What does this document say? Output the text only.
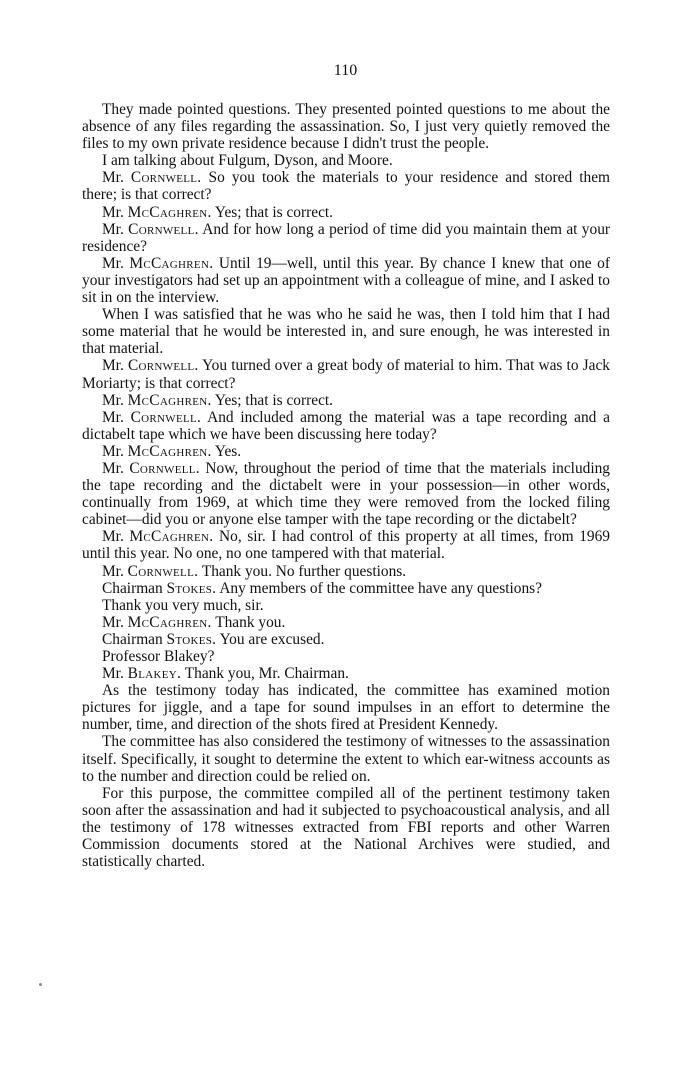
110

They made pointed questions. They presented pointed questions to me about the absence of any files regarding the assassination. So, I just very quietly removed the files to my own private residence because I didn't trust the people.

I am talking about Fulgum, Dyson, and Moore.

Mr. Cornwell. So you took the materials to your residence and stored them there; is that correct?

Mr. McCaghren. Yes; that is correct.

Mr. Cornwell. And for how long a period of time did you maintain them at your residence?

Mr. McCaghren. Until 19—well, until this year. By chance I knew that one of your investigators had set up an appointment with a colleague of mine, and I asked to sit in on the interview.

When I was satisfied that he was who he said he was, then I told him that I had some material that he would be interested in, and sure enough, he was interested in that material.

Mr. Cornwell. You turned over a great body of material to him. That was to Jack Moriarty; is that correct?

Mr. McCaghren. Yes; that is correct.

Mr. Cornwell. And included among the material was a tape recording and a dictabelt tape which we have been discussing here today?

Mr. McCaghren. Yes.

Mr. Cornwell. Now, throughout the period of time that the materials including the tape recording and the dictabelt were in your possession—in other words, continually from 1969, at which time they were removed from the locked filing cabinet—did you or anyone else tamper with the tape recording or the dictabelt?

Mr. McCaghren. No, sir. I had control of this property at all times, from 1969 until this year. No one, no one tampered with that material.

Mr. Cornwell. Thank you. No further questions.

Chairman Stokes. Any members of the committee have any questions?

Thank you very much, sir.

Mr. McCaghren. Thank you.

Chairman Stokes. You are excused.

Professor Blakey?

Mr. Blakey. Thank you, Mr. Chairman.

As the testimony today has indicated, the committee has examined motion pictures for jiggle, and a tape for sound impulses in an effort to determine the number, time, and direction of the shots fired at President Kennedy.

The committee has also considered the testimony of witnesses to the assassination itself. Specifically, it sought to determine the extent to which ear-witness accounts as to the number and direction could be relied on.

For this purpose, the committee compiled all of the pertinent testimony taken soon after the assassination and had it subjected to psychoacoustical analysis, and all the testimony of 178 witnesses extracted from FBI reports and other Warren Commission documents stored at the National Archives were studied, and statistically charted.
